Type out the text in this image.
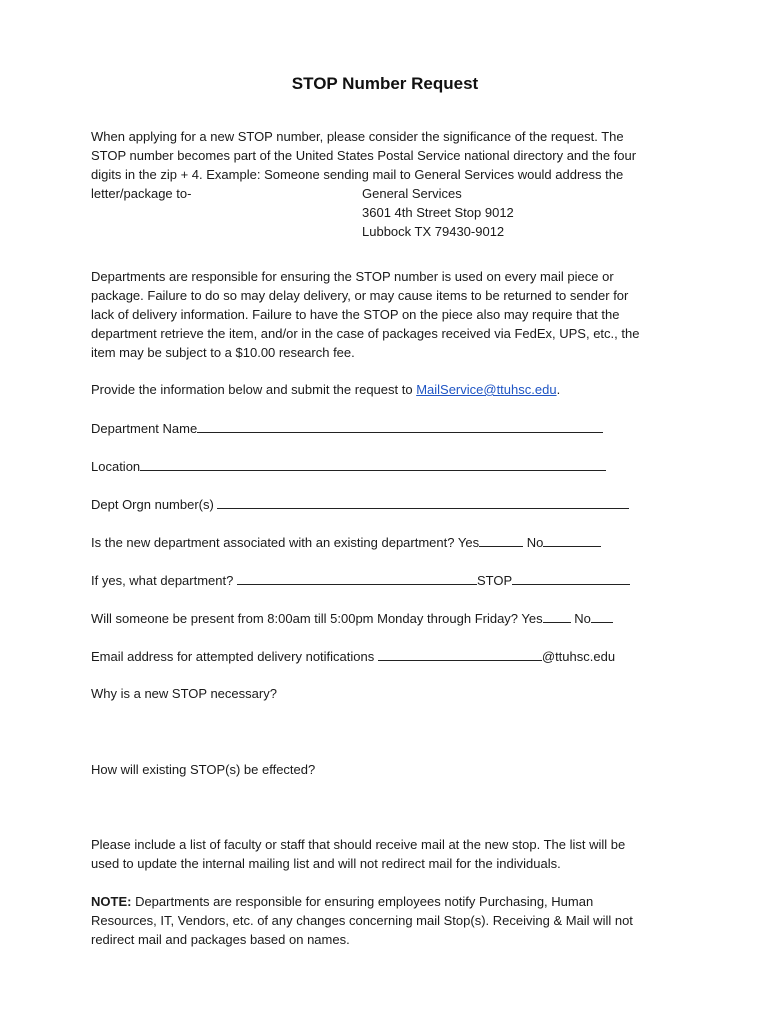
STOP Number Request
When applying for a new STOP number, please consider the significance of the request. The
STOP number becomes part of the United States Postal Service national directory and the four
digits in the zip + 4. Example: Someone sending mail to General Services would address the
letter/package to-	General Services
3601 4th Street Stop 9012
Lubbock TX 79430-9012
Departments are responsible for ensuring the STOP number is used on every mail piece or
package. Failure to do so may delay delivery, or may cause items to be returned to sender for
lack of delivery information. Failure to have the STOP on the piece also may require that the
department retrieve the item, and/or in the case of packages received via FedEx, UPS, etc., the
item may be subject to a $10.00 research fee.
Provide the information below and submit the request to MailService@ttuhsc.edu.
Department Name
Location
Dept Orgn number(s)
Is the new department associated with an existing department? Yes	No
If yes, what department?	STOP
Will someone be present from 8:00am till 5:00pm Monday through Friday? Yes No
Email address for attempted delivery notifications	@ttuhsc.edu
Why is a new STOP necessary?
How will existing STOP(s) be effected?
Please include a list of faculty or staff that should receive mail at the new stop. The list will be
used to update the internal mailing list and will not redirect mail for the individuals.
NOTE: Departments are responsible for ensuring employees notify Purchasing, Human
Resources, IT, Vendors, etc. of any changes concerning mail Stop(s). Receiving & Mail will not
redirect mail and packages based on names.
